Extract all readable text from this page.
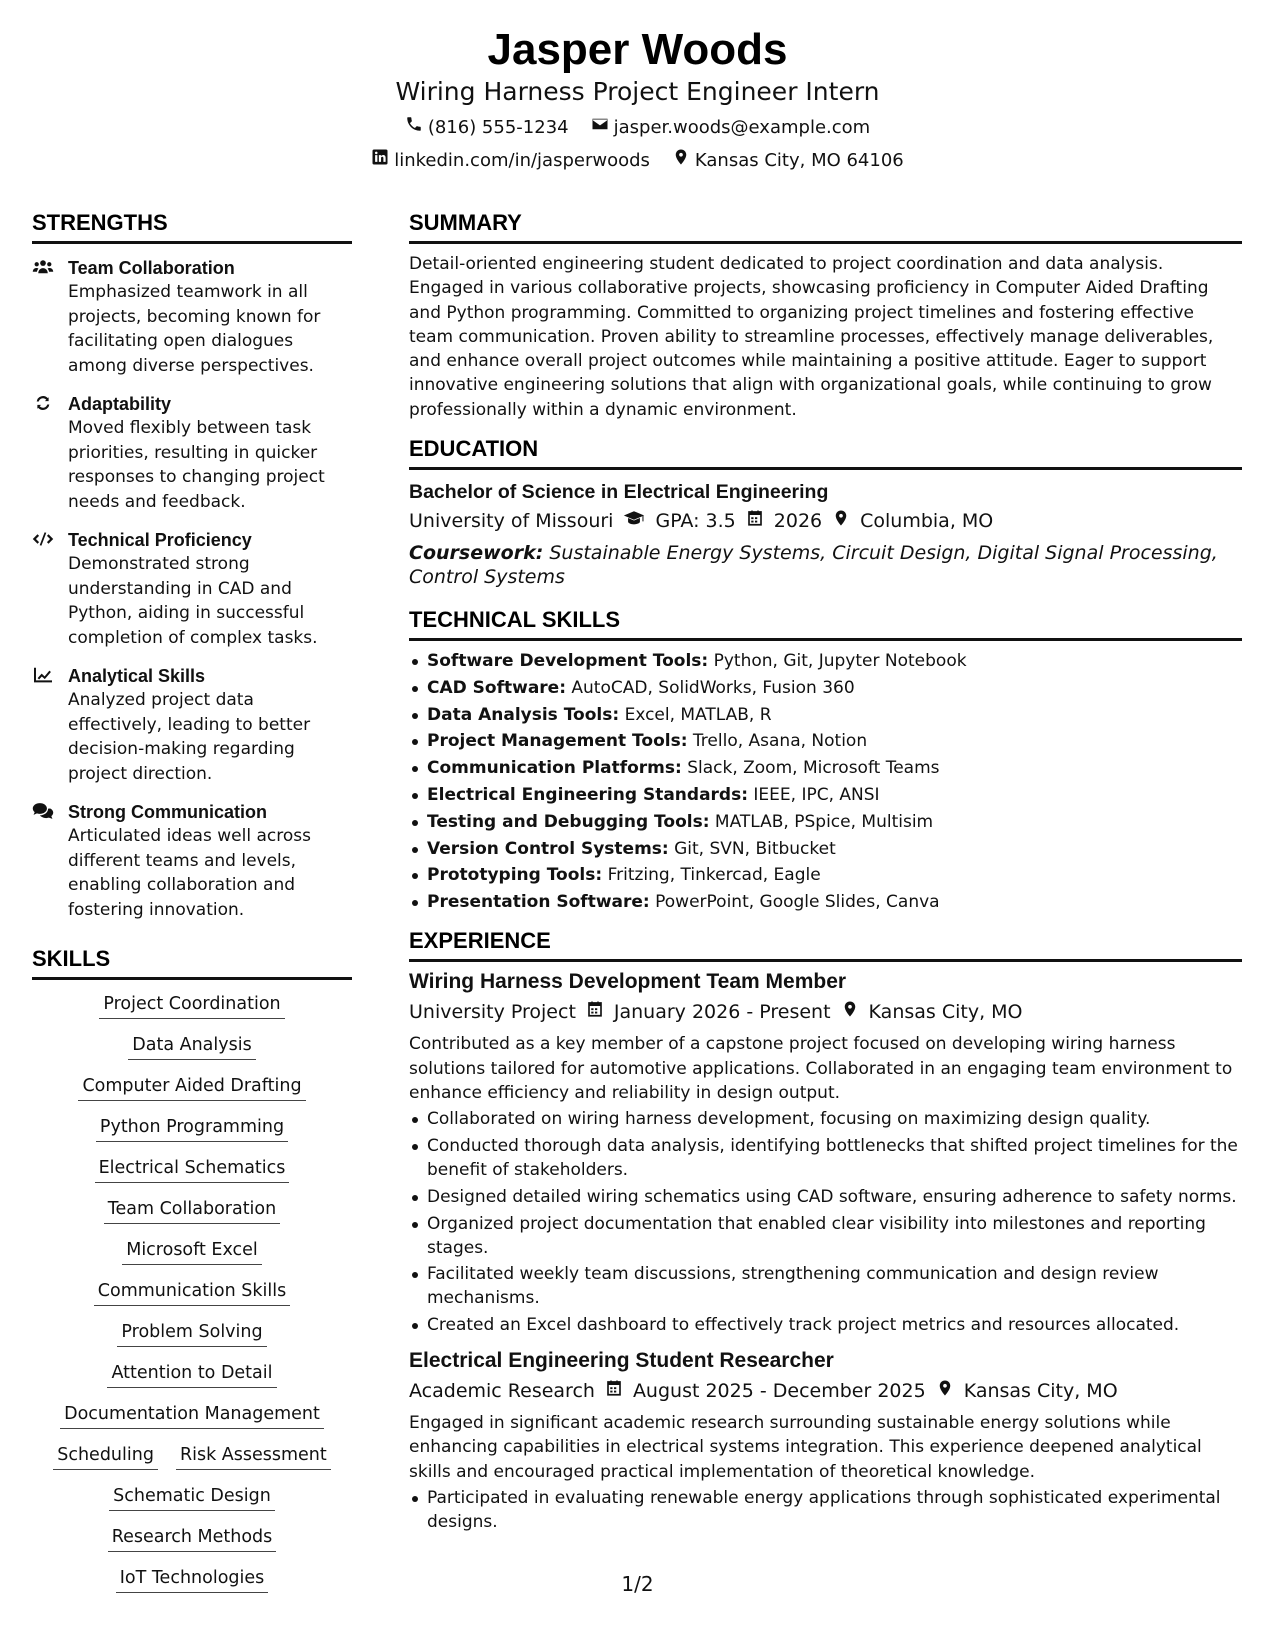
Jasper Woods
Wiring Harness Project Engineer Intern
(816) 555-1234	jasper.woods@example.com
linkedin.com/in/jasperwoods	Kansas City, MO 64106
STRENGTHS
Team Collaboration
Emphasized teamwork in all projects, becoming known for facilitating open dialogues among diverse perspectives.
Adaptability
Moved flexibly between task priorities, resulting in quicker responses to changing project needs and feedback.
Technical Proficiency
Demonstrated strong understanding in CAD and Python, aiding in successful completion of complex tasks.
Analytical Skills
Analyzed project data effectively, leading to better decision-making regarding project direction.
Strong Communication
Articulated ideas well across different teams and levels, enabling collaboration and fostering innovation.
SKILLS
Project Coordination
Data Analysis
Computer Aided Drafting
Python Programming
Electrical Schematics
Team Collaboration
Microsoft Excel
Communication Skills
Problem Solving
Attention to Detail
Documentation Management
Scheduling Risk Assessment
Schematic Design
Research Methods
IoT Technologies
SUMMARY
Detail-oriented engineering student dedicated to project coordination and data analysis. Engaged in various collaborative projects, showcasing proficiency in Computer Aided Drafting and Python programming. Committed to organizing project timelines and fostering effective team communication. Proven ability to streamline processes, effectively manage deliverables, and enhance overall project outcomes while maintaining a positive attitude. Eager to support innovative engineering solutions that align with organizational goals, while continuing to grow professionally within a dynamic environment.
EDUCATION
Bachelor of Science in Electrical Engineering
University of Missouri GPA: 3.5 2026 Columbia, MO
Coursework: Sustainable Energy Systems, Circuit Design, Digital Signal Processing, Control Systems
TECHNICAL SKILLS
Software Development Tools: Python, Git, Jupyter Notebook
CAD Software: AutoCAD, SolidWorks, Fusion 360
Data Analysis Tools: Excel, MATLAB, R
Project Management Tools: Trello, Asana, Notion
Communication Platforms: Slack, Zoom, Microsoft Teams
Electrical Engineering Standards: IEEE, IPC, ANSI
Testing and Debugging Tools: MATLAB, PSpice, Multisim
Version Control Systems: Git, SVN, Bitbucket
Prototyping Tools: Fritzing, Tinkercad, Eagle
Presentation Software: PowerPoint, Google Slides, Canva
EXPERIENCE
Wiring Harness Development Team Member
University Project January 2026 - Present Kansas City, MO
Contributed as a key member of a capstone project focused on developing wiring harness solutions tailored for automotive applications. Collaborated in an engaging team environment to enhance efficiency and reliability in design output.
Collaborated on wiring harness development, focusing on maximizing design quality.
Conducted thorough data analysis, identifying bottlenecks that shifted project timelines for the benefit of stakeholders.
Designed detailed wiring schematics using CAD software, ensuring adherence to safety norms.
Organized project documentation that enabled clear visibility into milestones and reporting stages.
Facilitated weekly team discussions, strengthening communication and design review mechanisms.
Created an Excel dashboard to effectively track project metrics and resources allocated.
Electrical Engineering Student Researcher
Academic Research August 2025 - December 2025 Kansas City, MO
Engaged in significant academic research surrounding sustainable energy solutions while enhancing capabilities in electrical systems integration. This experience deepened analytical skills and encouraged practical implementation of theoretical knowledge.
Participated in evaluating renewable energy applications through sophisticated experimental designs.
1/2
